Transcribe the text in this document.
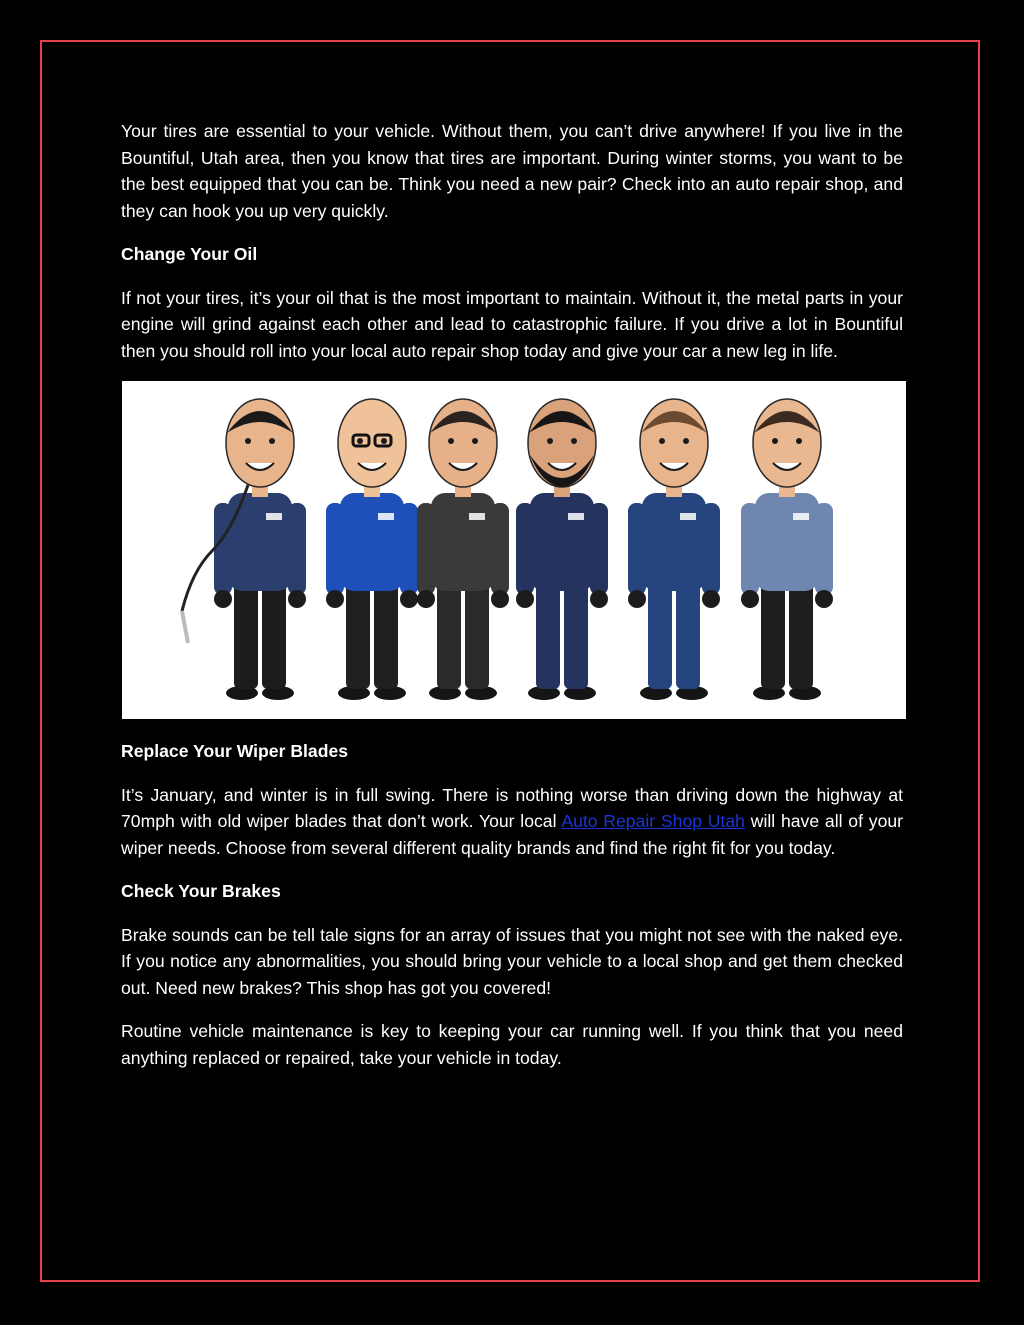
Your tires are essential to your vehicle. Without them, you can’t drive anywhere! If you live in the Bountiful, Utah area, then you know that tires are important. During winter storms, you want to be the best equipped that you can be. Think you need a new pair? Check into an auto repair shop, and they can hook you up very quickly.

Change Your Oil

If not your tires, it’s your oil that is the most important to maintain. Without it, the metal parts in your engine will grind against each other and lead to catastrophic failure. If you drive a lot in Bountiful then you should roll into your local auto repair shop today and give your car a new leg in life.

Replace Your Wiper Blades

It’s January, and winter is in full swing. There is nothing worse than driving down the highway at 70mph with old wiper blades that don’t work. Your local Auto Repair Shop Utah will have all of your wiper needs. Choose from several different quality brands and find the right fit for you today.

Check Your Brakes

Brake sounds can be tell tale signs for an array of issues that you might not see with the naked eye. If you notice any abnormalities, you should bring your vehicle to a local shop and get them checked out. Need new brakes? This shop has got you covered!

Routine vehicle maintenance is key to keeping your car running well. If you think that you need anything replaced or repaired, take your vehicle in today.
